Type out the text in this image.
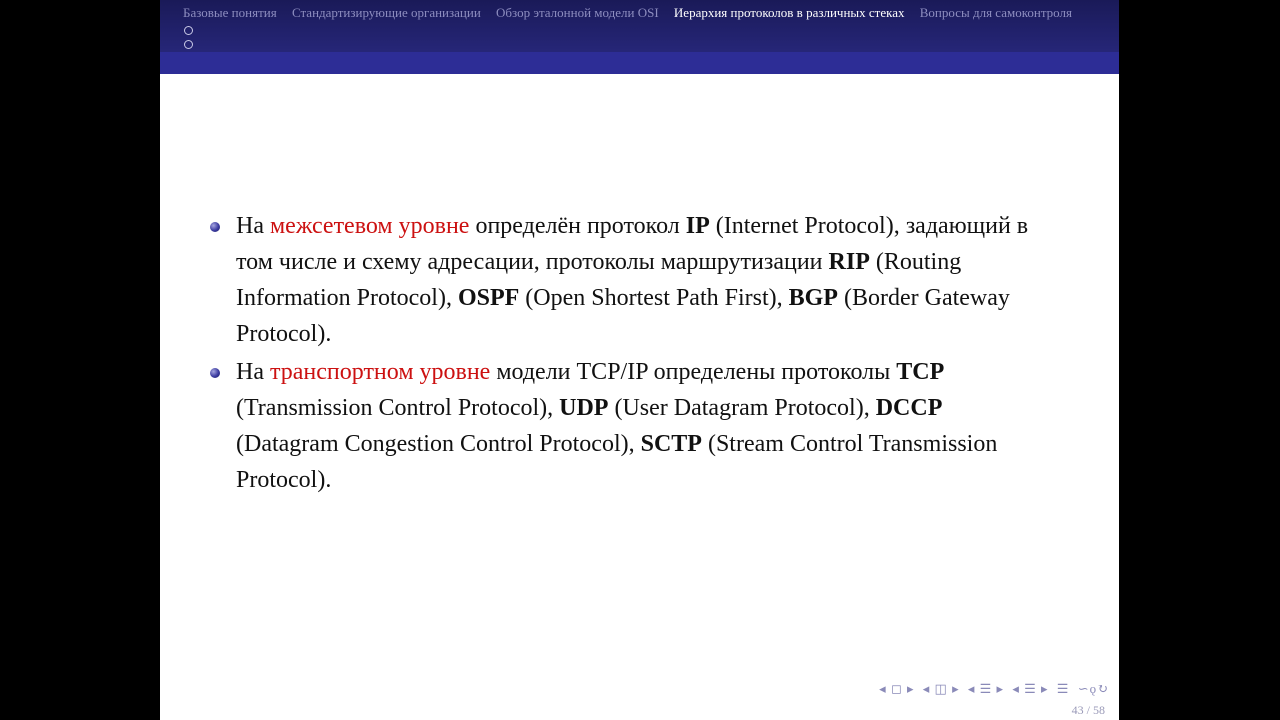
Базовые понятия Стандартизирующие организации Обзор эталонной модели OSI Иерархия протоколов в различных стеках Вопросы для самоконтроля
На межсетевом уровне определён протокол IP (Internet Protocol), задающий в том числе и схему адресации, протоколы маршрутизации RIP (Routing Information Protocol), OSPF (Open Shortest Path First), BGP (Border Gateway Protocol).
На транспортном уровне модели TCP/IP определены протоколы TCP (Transmission Control Protocol), UDP (User Datagram Protocol), DCCP (Datagram Congestion Control Protocol), SCTP (Stream Control Transmission Protocol).
◂ ◻ ▸ ◂ ◫ ▸ ◂ ☰ ▸ ◂ ☰ ▸ ☰ ∽ǫ↻
43 / 58
